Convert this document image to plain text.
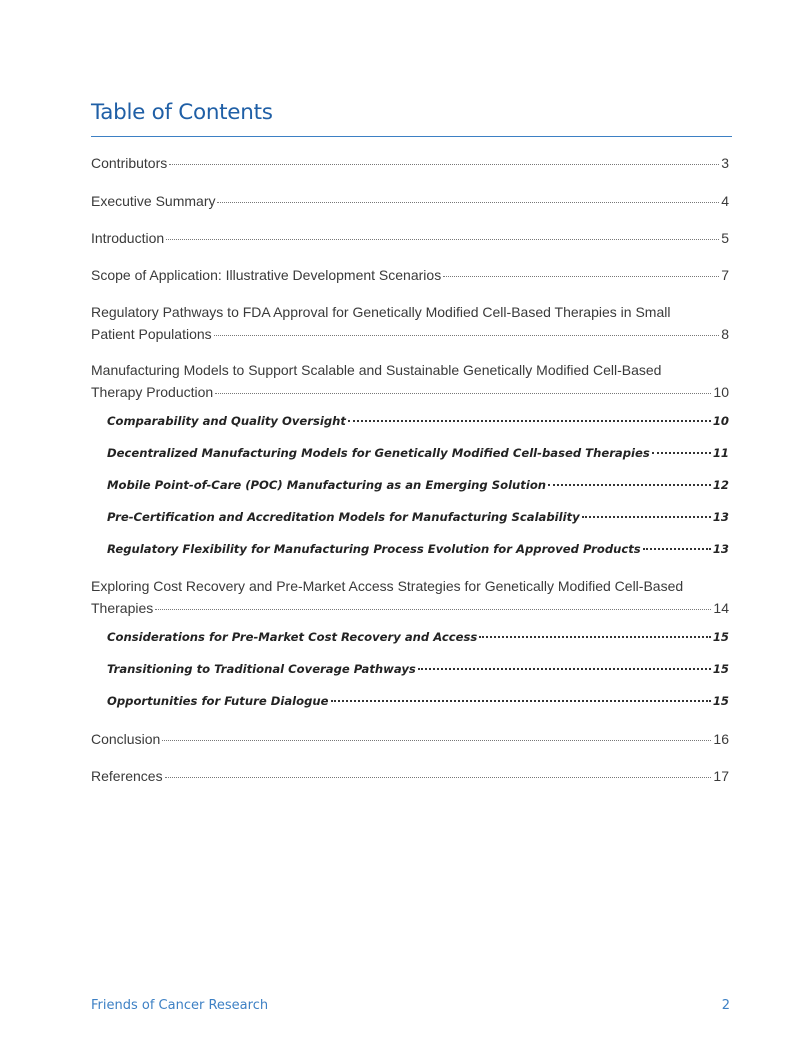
Table of Contents
Contributors	3
Executive Summary	4
Introduction	5
Scope of Application: Illustrative Development Scenarios	7
Regulatory Pathways to FDA Approval for Genetically Modified Cell-Based Therapies in Small
Patient Populations	8
Manufacturing Models to Support Scalable and Sustainable Genetically Modified Cell-Based
Therapy Production	10
Comparability and Quality Oversight	10
Decentralized Manufacturing Models for Genetically Modified Cell-based Therapies	11
Mobile Point-of-Care (POC) Manufacturing as an Emerging Solution	12
Pre-Certification and Accreditation Models for Manufacturing Scalability	13
Regulatory Flexibility for Manufacturing Process Evolution for Approved Products	13
Exploring Cost Recovery and Pre-Market Access Strategies for Genetically Modified Cell-Based
Therapies	14
Considerations for Pre-Market Cost Recovery and Access	15
Transitioning to Traditional Coverage Pathways	15
Opportunities for Future Dialogue	15
Conclusion	16
References	17
Friends of Cancer Research	2
